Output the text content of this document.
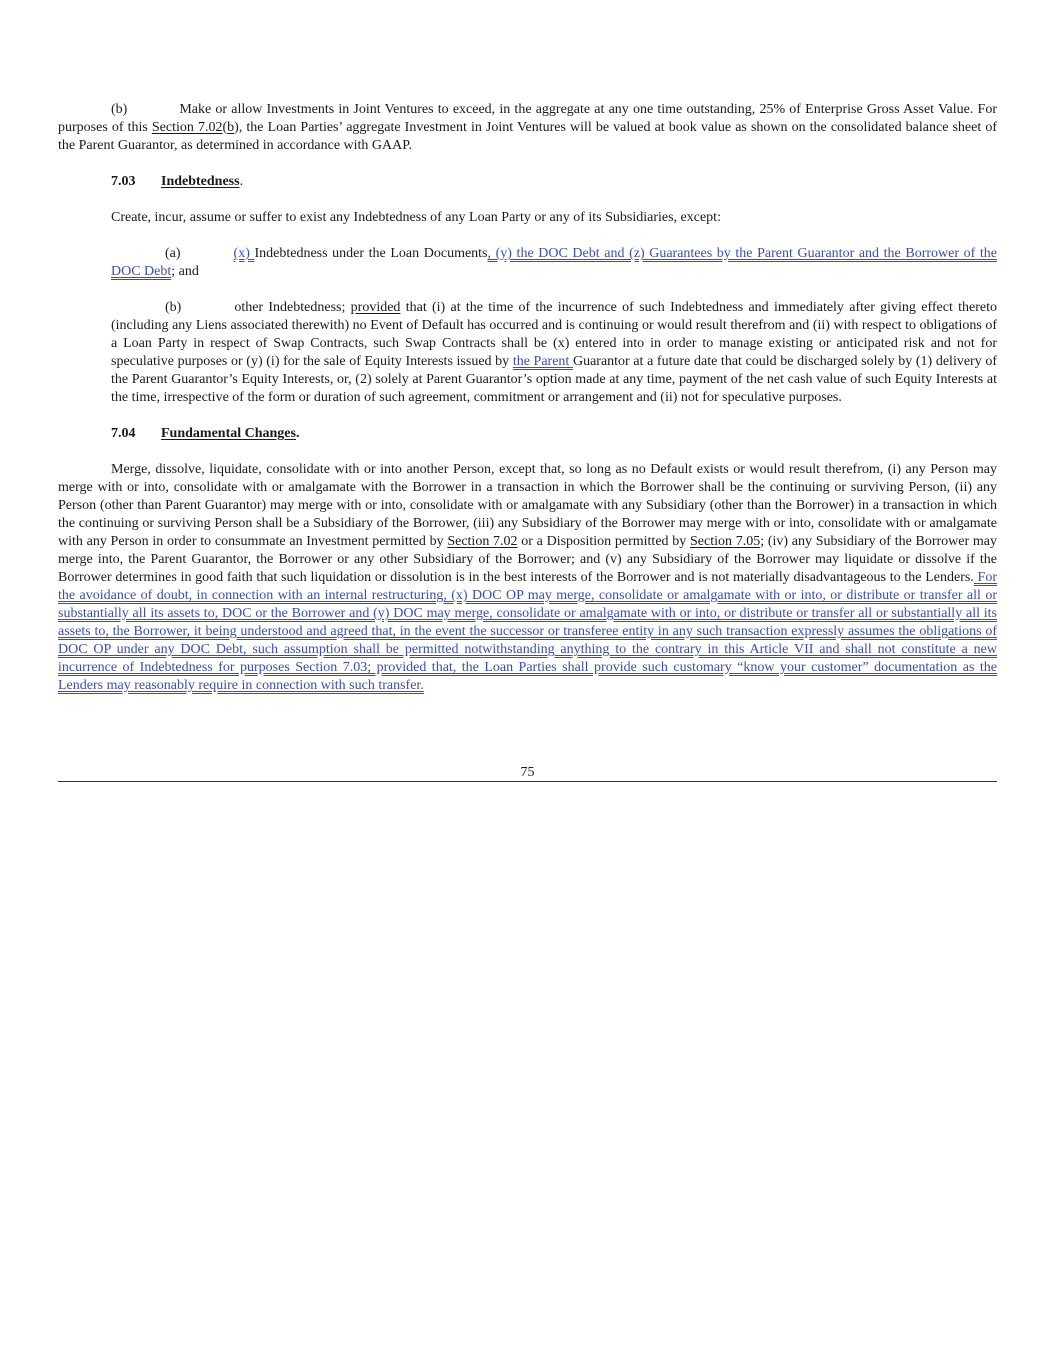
(b)	Make or allow Investments in Joint Ventures to exceed, in the aggregate at any one time outstanding, 25% of Enterprise Gross Asset Value. For purposes of this Section 7.02(b), the Loan Parties’ aggregate Investment in Joint Ventures will be valued at book value as shown on the consolidated balance sheet of the Parent Guarantor, as determined in accordance with GAAP.

7.03 Indebtedness.

Create, incur, assume or suffer to exist any Indebtedness of any Loan Party or any of its Subsidiaries, except:

(a)	(x) Indebtedness under the Loan Documents, (y) the DOC Debt and (z) Guarantees by the Parent Guarantor and the Borrower of the DOC Debt; and

(b)	other Indebtedness; provided that (i) at the time of the incurrence of such Indebtedness and immediately after giving effect thereto (including any Liens associated therewith) no Event of Default has occurred and is continuing or would result therefrom and (ii) with respect to obligations of a Loan Party in respect of Swap Contracts, such Swap Contracts shall be (x) entered into in order to manage existing or anticipated risk and not for speculative purposes or (y) (i) for the sale of Equity Interests issued by the Parent Guarantor at a future date that could be discharged solely by (1) delivery of the Parent Guarantor’s Equity Interests, or, (2) solely at Parent Guarantor’s option made at any time, payment of the net cash value of such Equity Interests at the time, irrespective of the form or duration of such agreement, commitment or arrangement and (ii) not for speculative purposes.

7.04 Fundamental Changes.

Merge, dissolve, liquidate, consolidate with or into another Person, except that, so long as no Default exists or would result therefrom, (i) any Person may merge with or into, consolidate with or amalgamate with the Borrower in a transaction in which the Borrower shall be the continuing or surviving Person, (ii) any Person (other than Parent Guarantor) may merge with or into, consolidate with or amalgamate with any Subsidiary (other than the Borrower) in a transaction in which the continuing or surviving Person shall be a Subsidiary of the Borrower, (iii) any Subsidiary of the Borrower may merge with or into, consolidate with or amalgamate with any Person in order to consummate an Investment permitted by Section 7.02 or a Disposition permitted by Section 7.05; (iv) any Subsidiary of the Borrower may merge into, the Parent Guarantor, the Borrower or any other Subsidiary of the Borrower; and (v) any Subsidiary of the Borrower may liquidate or dissolve if the Borrower determines in good faith that such liquidation or dissolution is in the best interests of the Borrower and is not materially disadvantageous to the Lenders. For the avoidance of doubt, in connection with an internal restructuring, (x) DOC OP may merge, consolidate or amalgamate with or into, or distribute or transfer all or substantially all its assets to, DOC or the Borrower and (y) DOC may merge, consolidate or amalgamate with or into, or distribute or transfer all or substantially all its assets to, the Borrower, it being understood and agreed that, in the event the successor or transferee entity in any such transaction expressly assumes the obligations of DOC OP under any DOC Debt, such assumption shall be permitted notwithstanding anything to the contrary in this Article VII and shall not constitute a new incurrence of Indebtedness for purposes Section 7.03; provided that, the Loan Parties shall provide such customary “know your customer” documentation as the Lenders may reasonably require in connection with such transfer.

75
